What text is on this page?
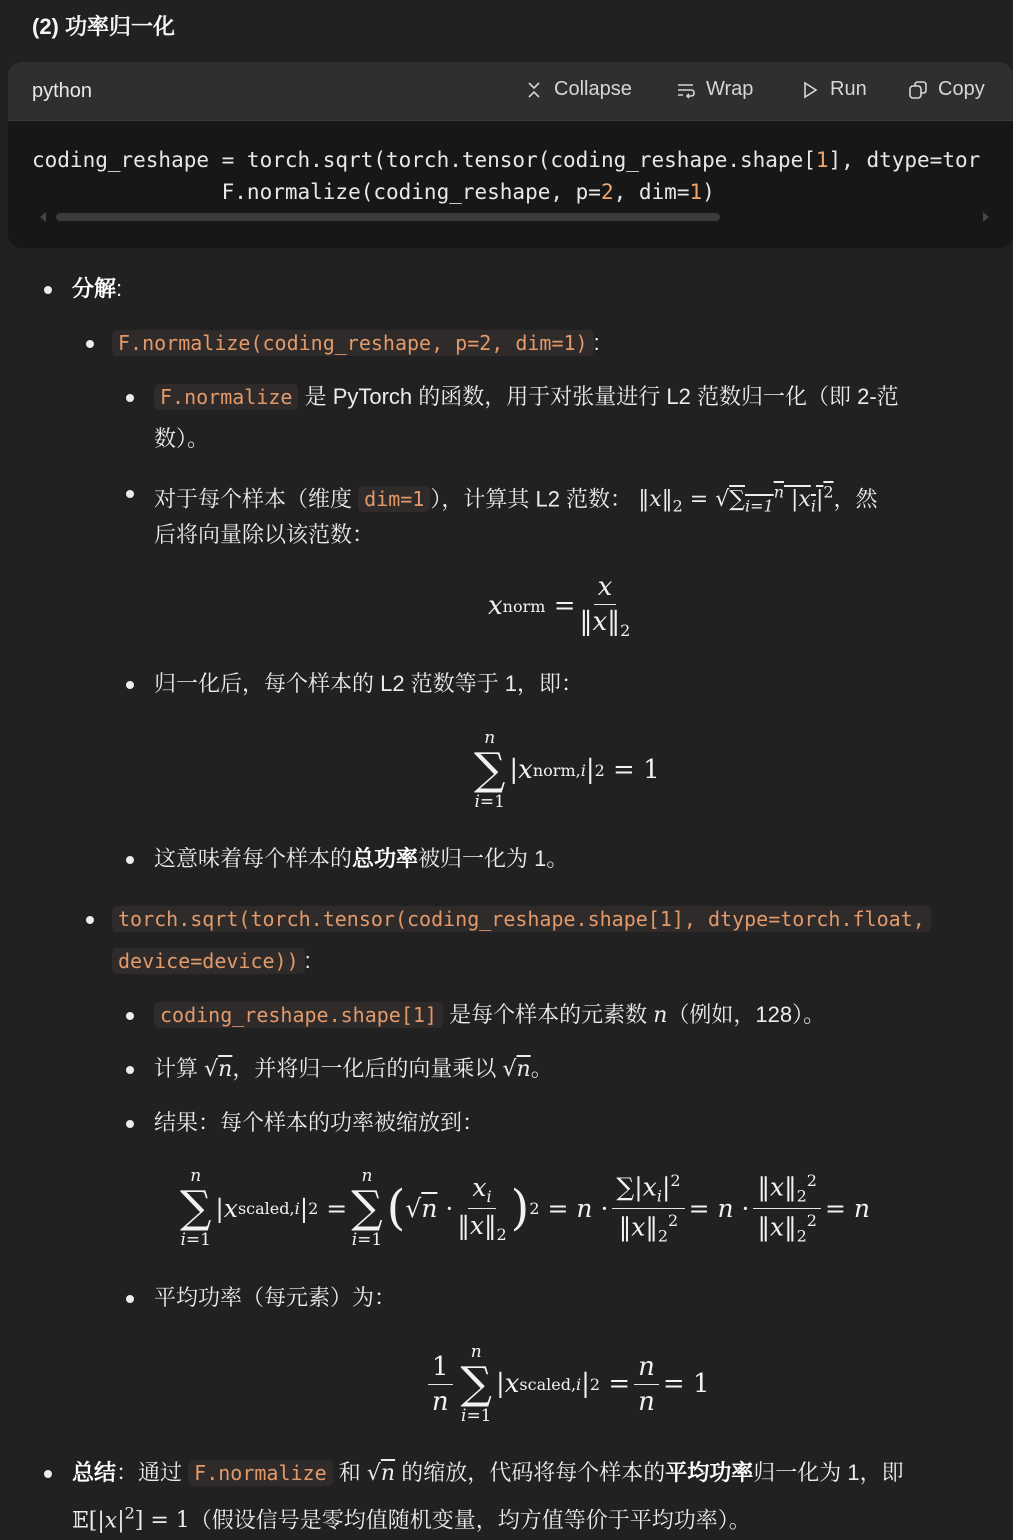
(2) 功率归一化
python	Collapse	Wrap	Run	Copy
coding_reshape = torch.sqrt(torch.tensor(coding_reshape.shape[1], dtype=tor
F.normalize(coding_reshape, p=2, dim=1)
分解:
F.normalize(coding_reshape, p=2, dim=1) :
F.normalize 是 PyTorch 的函数，用于对张量进行 L2 范数归一化（即 2-范
数）。
对于每个样本（维度 dim=1 ），计算其 L2 范数： $‖x‖_2 = √\sum_{i=1}^n$ $|x_i|^2$，然
后将向量除以该范数：
x norm
= $\frac{x}{‖x‖_2}$
归一化后，每个样本的 L2 范数等于 1，即：
n
∑
i=1
|x norm,i | 2
= 1
这意味着每个样本的总功率被归一化为 1。
torch.sqrt(torch.tensor(coding_reshape.shape[1], dtype=torch.float,
device=device)) :
coding_reshape.shape[1] 是每个样本的元素数 n（例如，128）。
计算 √n，并将归一化后的向量乘以 √n。
结果：每个样本的功率被缩放到：
n
∑
i=1
|x scaled,i | 2
=
n
∑
i=1
( √ n
· $\frac{x_i}{‖x‖_2}$ ) 2
= $n \cdot \frac{\sum|x_i|^2}{‖x‖_2^2} = n \cdot \frac{‖x‖_2^2}{‖x‖_2^2} = n$
平均功率（每元素）为：
$\frac{1}{n}$ n
∑
i=1
|x scaled,i | 2
= $\frac{n}{n} = 1$
总结：通过 F.normalize 和 √n 的缩放，代码将每个样本的平均功率归一化为 1，即
$𝔼[|x|^2] = 1$（假设信号是零均值随机变量，均方值等价于平均功率）。
